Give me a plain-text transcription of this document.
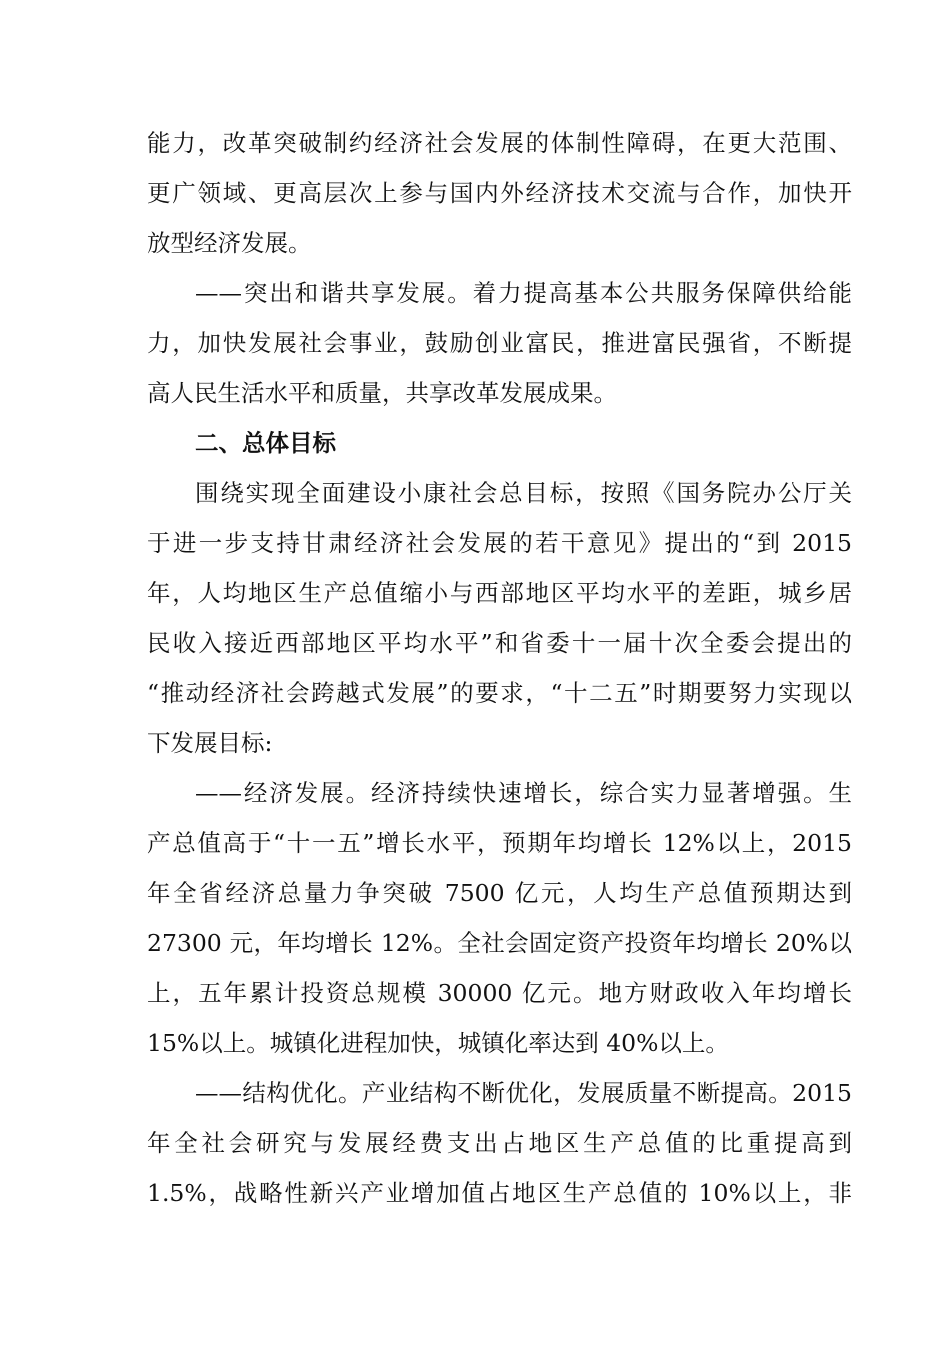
能力，改革突破制约经济社会发展的体制性障碍，在更大范围、
更广领域、更高层次上参与国内外经济技术交流与合作，加快开
放型经济发展。
——突出和谐共享发展。着力提高基本公共服务保障供给能
力，加快发展社会事业，鼓励创业富民，推进富民强省，不断提
高人民生活水平和质量，共享改革发展成果。
二、总体目标
围绕实现全面建设小康社会总目标，按照《国务院办公厅关
于进一步支持甘肃经济社会发展的若干意见》提出的“到 2015
年，人均地区生产总值缩小与西部地区平均水平的差距，城乡居
民收入接近西部地区平均水平”和省委十一届十次全委会提出的
“推动经济社会跨越式发展”的要求，“十二五”时期要努力实现以
下发展目标:
——经济发展。经济持续快速增长，综合实力显著增强。生
产总值高于“十一五”增长水平，预期年均增长 12%以上，2015
年全省经济总量力争突破 7500 亿元，人均生产总值预期达到
27300 元，年均增长 12%。全社会固定资产投资年均增长 20%以
上，五年累计投资总规模 30000 亿元。地方财政收入年均增长
15%以上。城镇化进程加快，城镇化率达到 40%以上。
——结构优化。产业结构不断优化，发展质量不断提高。2015
年全社会研究与发展经费支出占地区生产总值的比重提高到
1.5%，战略性新兴产业增加值占地区生产总值的 10%以上，非
